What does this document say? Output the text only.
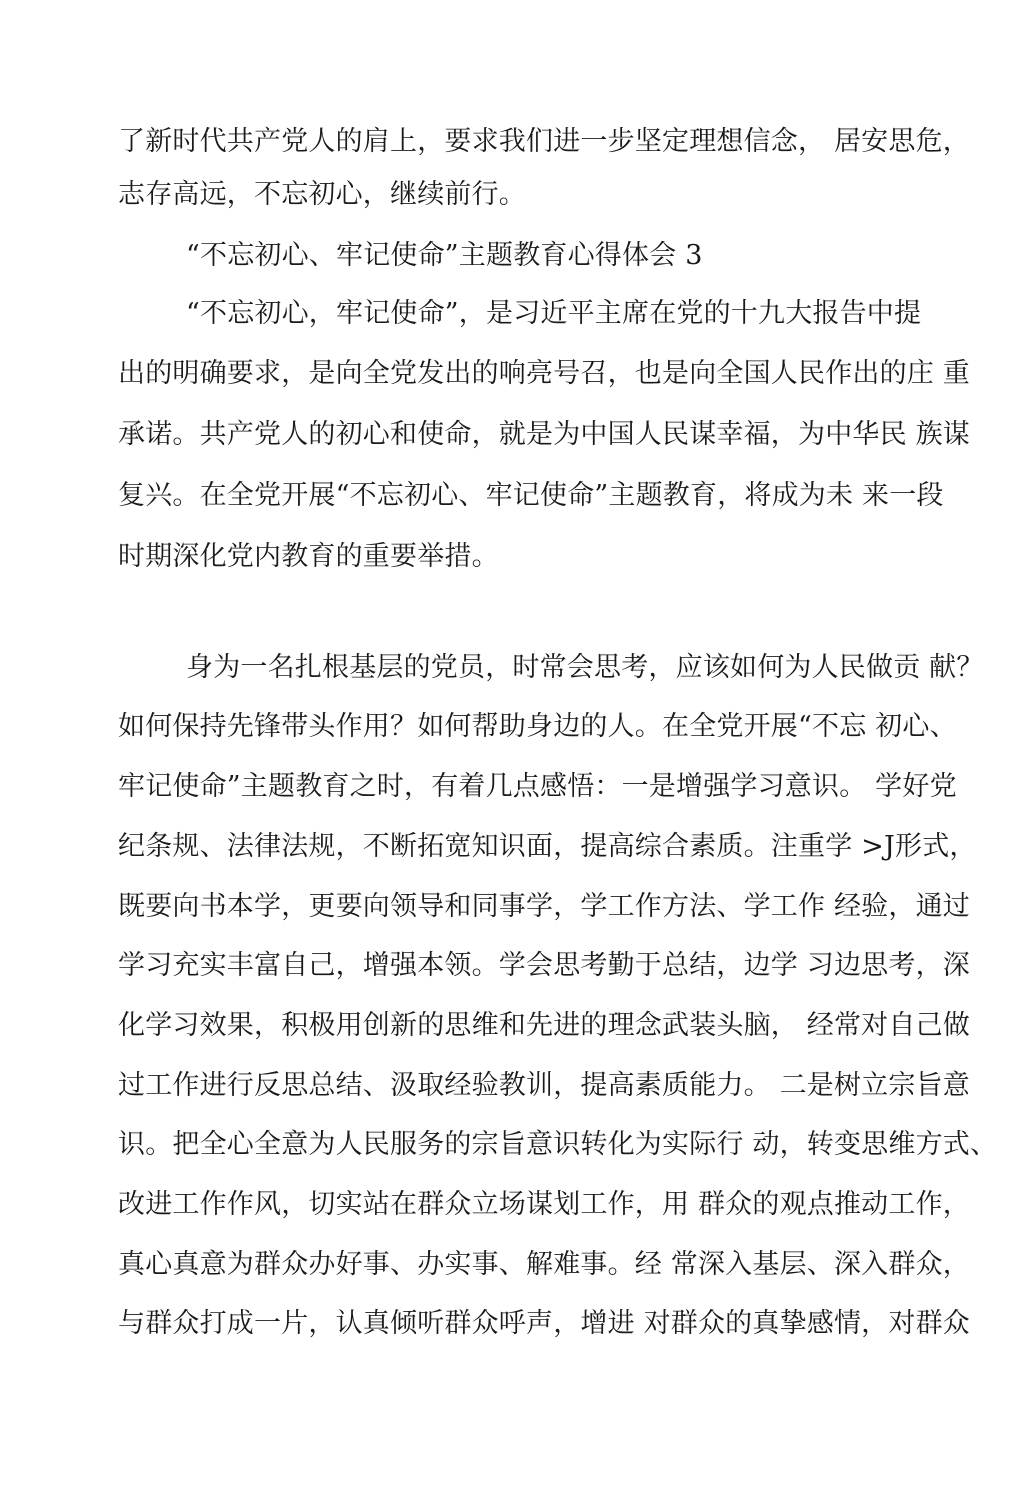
了新时代共产党人的肩上，要求我们进一步坚定理想信念， 居安思危，
志存高远，不忘初心，继续前行。
“不忘初心、牢记使命”主题教育心得体会 3
“不忘初心，牢记使命”，是习近平主席在党的十九大报告中提
出的明确要求，是向全党发出的响亮号召，也是向全国人民作出的庄 重
承诺。共产党人的初心和使命，就是为中国人民谋幸福，为中华民 族谋
复兴。在全党开展“不忘初心、牢记使命”主题教育，将成为未 来一段
时期深化党内教育的重要举措。
身为一名扎根基层的党员，时常会思考，应该如何为人民做贡 献？
如何保持先锋带头作用？如何帮助身边的人。在全党开展“不忘 初心、
牢记使命”主题教育之时，有着几点感悟：一是增强学习意识。 学好党
纪条规、法律法规，不断拓宽知识面，提高综合素质。注重学 >J形式，
既要向书本学，更要向领导和同事学，学工作方法、学工作 经验，通过
学习充实丰富自己，增强本领。学会思考勤于总结，边学 习边思考，深
化学习效果，积极用创新的思维和先进的理念武装头脑， 经常对自己做
过工作进行反思总结、汲取经验教训，提高素质能力。 二是树立宗旨意
识。把全心全意为人民服务的宗旨意识转化为实际行 动，转变思维方式、
改进工作作风，切实站在群众立场谋划工作，用 群众的观点推动工作，
真心真意为群众办好事、办实事、解难事。经 常深入基层、深入群众，
与群众打成一片，认真倾听群众呼声，增进 对群众的真挚感情，对群众
